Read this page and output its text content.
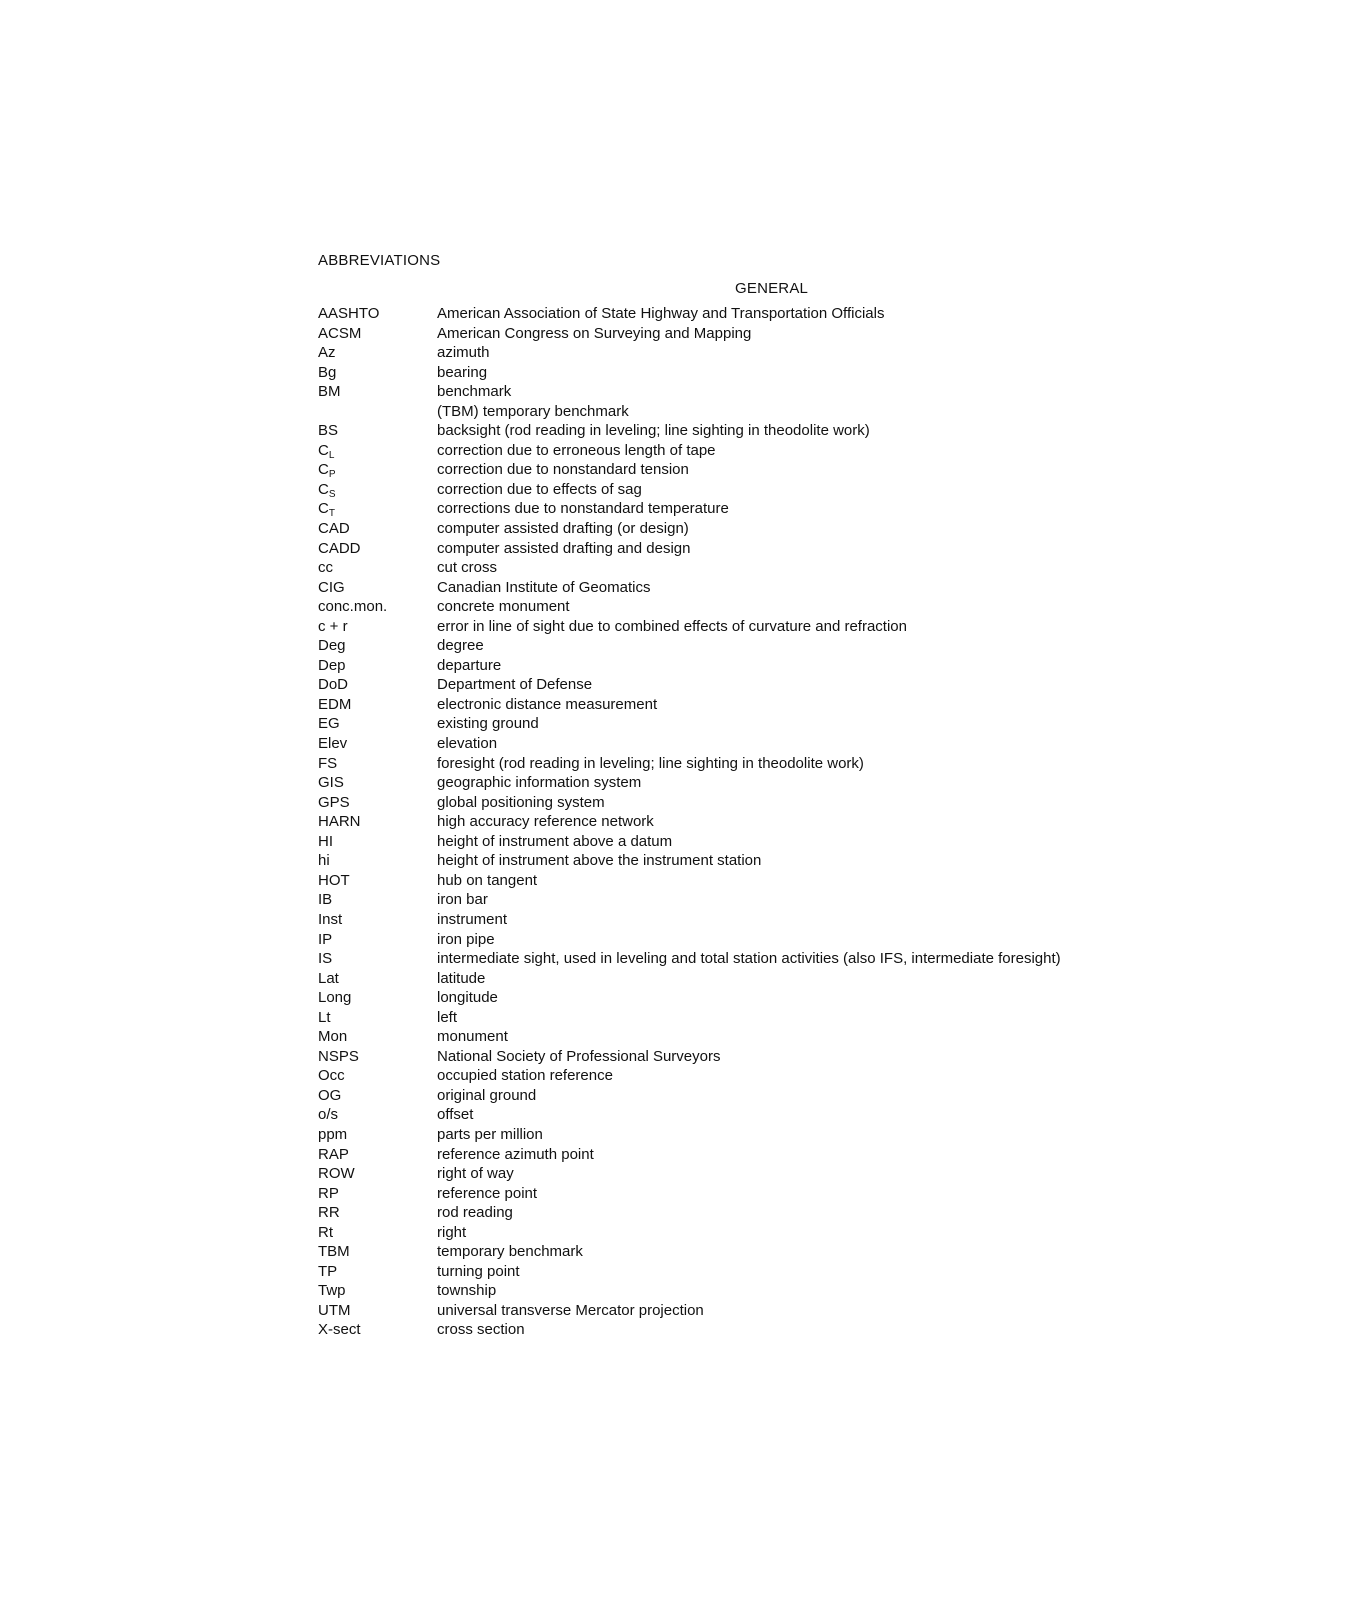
ABBREVIATIONS
GENERAL
AASHTO	American Association of State Highway and Transportation Officials
ACSM	American Congress on Surveying and Mapping
Az	azimuth
Bg	bearing
BM	benchmark
(TBM) temporary benchmark
BS	backsight (rod reading in leveling; line sighting in theodolite work)
$C_L$	correction due to erroneous length of tape
$C_P$	correction due to nonstandard tension
$C_S$	correction due to effects of sag
$C_T$	corrections due to nonstandard temperature
CAD	computer assisted drafting (or design)
CADD	computer assisted drafting and design
cc	cut cross
CIG	Canadian Institute of Geomatics
conc.mon.	concrete monument
c + r	error in line of sight due to combined effects of curvature and refraction
Deg	degree
Dep	departure
DoD	Department of Defense
EDM	electronic distance measurement
EG	existing ground
Elev	elevation
FS	foresight (rod reading in leveling; line sighting in theodolite work)
GIS	geographic information system
GPS	global positioning system
HARN	high accuracy reference network
HI	height of instrument above a datum
hi	height of instrument above the instrument station
HOT	hub on tangent
IB	iron bar
Inst	instrument
IP	iron pipe
IS	intermediate sight, used in leveling and total station activities (also IFS, intermediate foresight)
Lat	latitude
Long	longitude
Lt	left
Mon	monument
NSPS	National Society of Professional Surveyors
Occ	occupied station reference
OG	original ground
o/s	offset
ppm	parts per million
RAP	reference azimuth point
ROW	right of way
RP	reference point
RR	rod reading
Rt	right
TBM	temporary benchmark
TP	turning point
Twp	township
UTM	universal transverse Mercator projection
X-sect	cross section
